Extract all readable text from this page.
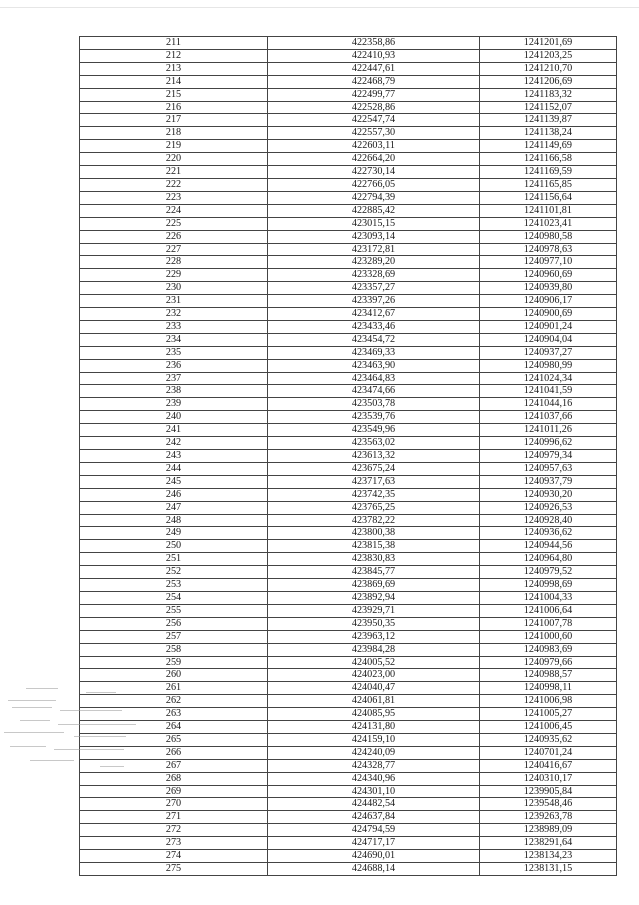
211	422358,86	1241201,69
212	422410,93	1241203,25
213	422447,61	1241210,70
214	422468,79	1241206,69
215	422499,77	1241183,32
216	422528,86	1241152,07
217	422547,74	1241139,87
218	422557,30	1241138,24
219	422603,11	1241149,69
220	422664,20	1241166,58
221	422730,14	1241169,59
222	422766,05	1241165,85
223	422794,39	1241156,64
224	422885,42	1241101,81
225	423015,15	1241023,41
226	423093,14	1240980,58
227	423172,81	1240978,63
228	423289,20	1240977,10
229	423328,69	1240960,69
230	423357,27	1240939,80
231	423397,26	1240906,17
232	423412,67	1240900,69
233	423433,46	1240901,24
234	423454,72	1240904,04
235	423469,33	1240937,27
236	423463,90	1240980,99
237	423464,83	1241024,34
238	423474,66	1241041,59
239	423503,78	1241044,16
240	423539,76	1241037,66
241	423549,96	1241011,26
242	423563,02	1240996,62
243	423613,32	1240979,34
244	423675,24	1240957,63
245	423717,63	1240937,79
246	423742,35	1240930,20
247	423765,25	1240926,53
248	423782,22	1240928,40
249	423800,38	1240936,62
250	423815,38	1240944,56
251	423830,83	1240964,80
252	423845,77	1240979,52
253	423869,69	1240998,69
254	423892,94	1241004,33
255	423929,71	1241006,64
256	423950,35	1241007,78
257	423963,12	1241000,60
258	423984,28	1240983,69
259	424005,52	1240979,66
260	424023,00	1240988,57
261	424040,47	1240998,11
262	424061,81	1241006,98
263	424085,95	1241005,27
264	424131,80	1241006,45
265	424159,10	1240935,62
266	424240,09	1240701,24
267	424328,77	1240416,67
268	424340,96	1240310,17
269	424301,10	1239905,84
270	424482,54	1239548,46
271	424637,84	1239263,78
272	424794,59	1238989,09
273	424717,17	1238291,64
274	424690,01	1238134,23
275	424688,14	1238131,15
